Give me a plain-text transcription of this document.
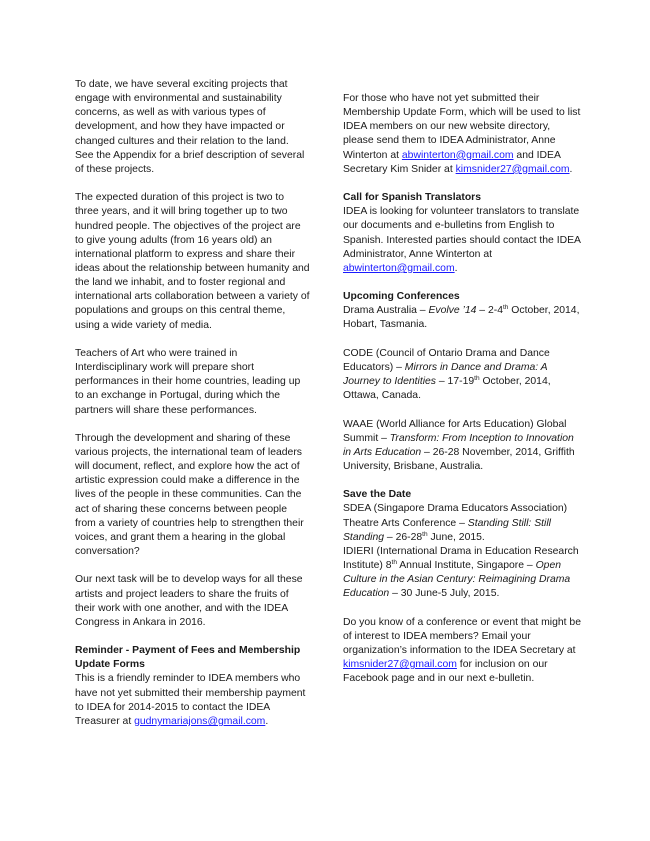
To date, we have several exciting projects that engage with environmental and sustainability concerns, as well as with various types of development, and how they have impacted or changed cultures and their relation to the land. See the Appendix for a brief description of several of these projects.

The expected duration of this project is two to three years, and it will bring together up to two hundred people. The objectives of the project are to give young adults (from 16 years old) an international platform to express and share their ideas about the relationship between humanity and the land we inhabit, and to foster regional and international arts collaboration between a variety of populations and groups on this central theme, using a wide variety of media.

Teachers of Art who were trained in Interdisciplinary work will prepare short performances in their home countries, leading up to an exchange in Portugal, during which the partners will share these performances.

Through the development and sharing of these various projects, the international team of leaders will document, reflect, and explore how the act of artistic expression could make a difference in the lives of the people in these communities. Can the act of sharing these concerns between people from a variety of countries help to strengthen their voices, and grant them a hearing in the global conversation?

Our next task will be to develop ways for all these artists and project leaders to share the fruits of their work with one another, and with the IDEA Congress in Ankara in 2016.

Reminder - Payment of Fees and Membership Update Forms
This is a friendly reminder to IDEA members who have not yet submitted their membership payment to IDEA for 2014-2015 to contact the IDEA Treasurer at gudnymariajons@gmail.com.

For those who have not yet submitted their Membership Update Form, which will be used to list IDEA members on our new website directory, please send them to IDEA Administrator, Anne Winterton at abwinterton@gmail.com and IDEA Secretary Kim Snider at kimsnider27@gmail.com.

Call for Spanish Translators
IDEA is looking for volunteer translators to translate our documents and e-bulletins from English to Spanish. Interested parties should contact the IDEA Administrator, Anne Winterton at abwinterton@gmail.com.

Upcoming Conferences
Drama Australia – Evolve ’14 – 2-4th October, 2014, Hobart, Tasmania.

CODE (Council of Ontario Drama and Dance Educators) – Mirrors in Dance and Drama: A Journey to Identities – 17-19th October, 2014, Ottawa, Canada.

WAAE (World Alliance for Arts Education) Global Summit – Transform: From Inception to Innovation in Arts Education – 26-28 November, 2014, Griffith University, Brisbane, Australia.

Save the Date
SDEA (Singapore Drama Educators Association) Theatre Arts Conference – Standing Still: Still Standing – 26-28th June, 2015.
IDIERI (International Drama in Education Research Institute) 8th Annual Institute, Singapore – Open Culture in the Asian Century: Reimagining Drama Education – 30 June-5 July, 2015.

Do you know of a conference or event that might be of interest to IDEA members? Email your organization’s information to the IDEA Secretary at kimsnider27@gmail.com for inclusion on our Facebook page and in our next e-bulletin.
